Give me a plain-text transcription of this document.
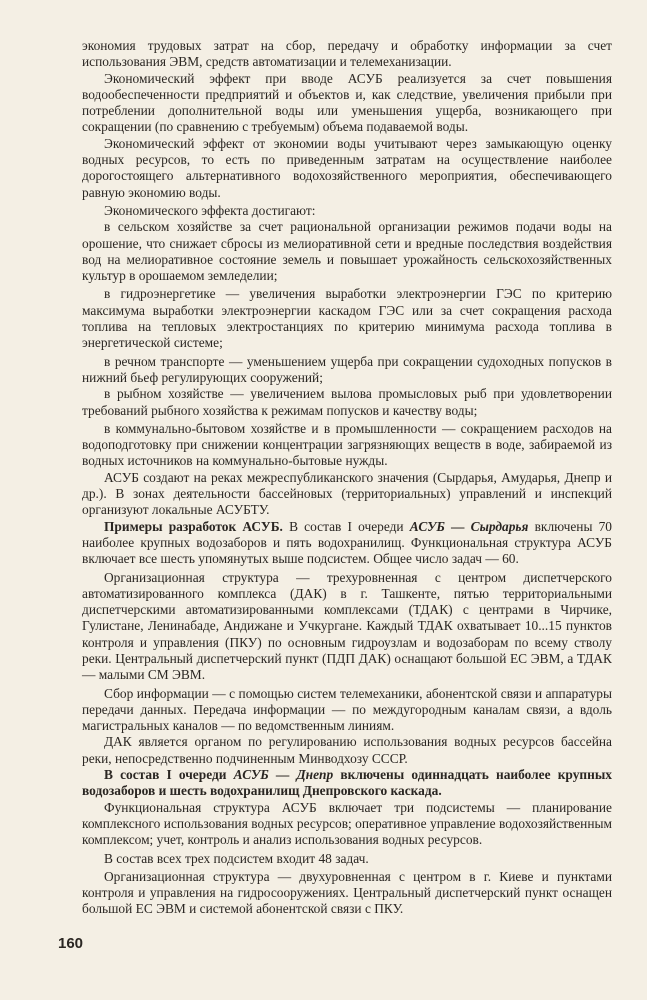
экономия трудовых затрат на сбор, передачу и обработку информации за счет использования ЭВМ, средств автоматизации и телемеханизации.

Экономический эффект при вводе АСУБ реализуется за счет повышения водообеспеченности предприятий и объектов и, как следствие, увеличения прибыли при потреблении дополнительной воды или уменьшения ущерба, возникающего при сокращении (по сравнению с требуемым) объема подаваемой воды.

Экономический эффект от экономии воды учитывают через замыкающую оценку водных ресурсов, то есть по приведенным затратам на осуществление наиболее дорогостоящего альтернативного водохозяйственного мероприятия, обеспечивающего равную экономию воды.

Экономического эффекта достигают:

в сельском хозяйстве за счет рациональной организации режимов подачи воды на орошение, что снижает сбросы из мелиоративной сети и вредные последствия воздействия вод на мелиоративное состояние земель и повышает урожайность сельскохозяйственных культур в орошаемом земледелии;

в гидроэнергетике — увеличения выработки электроэнергии ГЭС по критерию максимума выработки электроэнергии каскадом ГЭС или за счет сокращения расхода топлива на тепловых электростанциях по критерию минимума расхода топлива в энергетической системе;

в речном транспорте — уменьшением ущерба при сокращении судоходных попусков в нижний бьеф регулирующих сооружений;

в рыбном хозяйстве — увеличением вылова промысловых рыб при удовлетворении требований рыбного хозяйства к режимам попусков и качеству воды;

в коммунально-бытовом хозяйстве и в промышленности — сокращением расходов на водоподготовку при снижении концентрации загрязняющих веществ в воде, забираемой из водных источников на коммунально-бытовые нужды.

АСУБ создают на реках межреспубликанского значения (Сырдарья, Амударья, Днепр и др.). В зонах деятельности бассейновых (территориальных) управлений и инспекций организуют локальные АСУБТУ.

Примеры разработок АСУБ. В состав I очереди АСУБ — Сырдарья включены 70 наиболее крупных водозаборов и пять водохранилищ. Функциональная структура АСУБ включает все шесть упомянутых выше подсистем. Общее число задач — 60.

Организационная структура — трехуровненная с центром диспетчерского автоматизированного комплекса (ДАК) в г. Ташкенте, пятью территориальными диспетчерскими автоматизированными комплексами (ТДАК) с центрами в Чирчике, Гулистане, Ленинабаде, Андижане и Учкургане. Каждый ТДАК охватывает 10...15 пунктов контроля и управления (ПКУ) по основным гидроузлам и водозаборам по всему стволу реки. Центральный диспетчерский пункт (ПДП ДАК) оснащают большой ЕС ЭВМ, а ТДАК — малыми СМ ЭВМ.

Сбор информации — с помощью систем телемеханики, абонентской связи и аппаратуры передачи данных. Передача информации — по междугородным каналам связи, а вдоль магистральных каналов — по ведомственным линиям.

ДАК является органом по регулированию использования водных ресурсов бассейна реки, непосредственно подчиненным Минводхозу СССР.

В состав I очереди АСУБ — Днепр включены одиннадцать наиболее крупных водозаборов и шесть водохранилищ Днепровского каскада.

Функциональная структура АСУБ включает три подсистемы — планирование комплексного использования водных ресурсов; оперативное управление водохозяйственным комплексом; учет, контроль и анализ использования водных ресурсов.

В состав всех трех подсистем входит 48 задач.

Организационная структура — двухуровненная с центром в г. Киеве и пунктами контроля и управления на гидросооружениях. Центральный диспетчерский пункт оснащен большой ЕС ЭВМ и системой абонентской связи с ПКУ.

160
